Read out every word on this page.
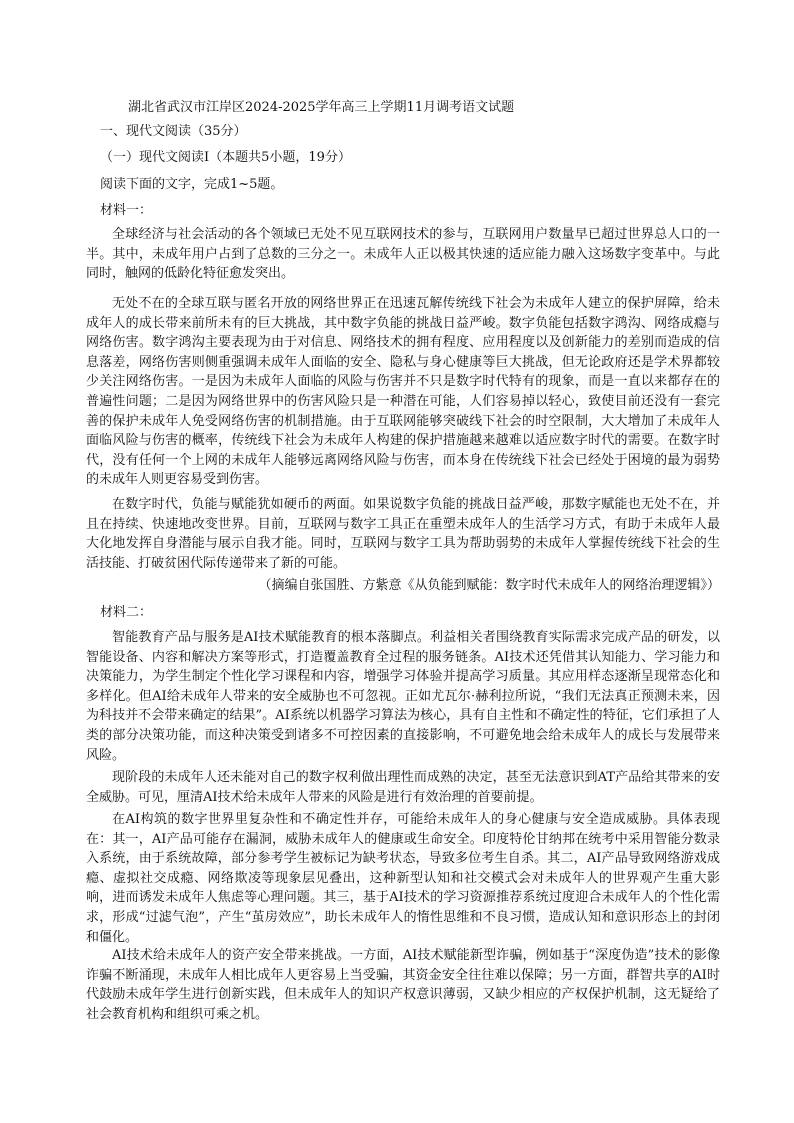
湖北省武汉市江岸区2024-2025学年高三上学期11月调考语文试题
一、现代文阅读（35分）
（一）现代文阅读Ⅰ（本题共5小题，19分）
阅读下面的文字，完成1~5题。
材料一：
全球经济与社会活动的各个领域已无处不见互联网技术的参与，互联网用户数量早已超过世界总人口的一半。其中，未成年用户占到了总数的三分之一。未成年人正以极其快速的适应能力融入这场数字变革中。与此同时，触网的低龄化特征愈发突出。
无处不在的全球互联与匿名开放的网络世界正在迅速瓦解传统线下社会为未成年人建立的保护屏障，给未成年人的成长带来前所未有的巨大挑战，其中数字负能的挑战日益严峻。数字负能包括数字鸿沟、网络成瘾与网络伤害。数字鸿沟主要表现为由于对信息、网络技术的拥有程度、应用程度以及创新能力的差别而造成的信息落差，网络伤害则侧重强调未成年人面临的安全、隐私与身心健康等巨大挑战，但无论政府还是学术界都较少关注网络伤害。一是因为未成年人面临的风险与伤害并不只是数字时代特有的现象，而是一直以来都存在的普遍性问题；二是因为网络世界中的伤害风险只是一种潜在可能，人们容易掉以轻心，致使目前还没有一套完善的保护未成年人免受网络伤害的机制措施。由于互联网能够突破线下社会的时空限制，大大增加了未成年人面临风险与伤害的概率，传统线下社会为未成年人构建的保护措施越来越难以适应数字时代的需要。在数字时代，没有任何一个上网的未成年人能够远离网络风险与伤害，而本身在传统线下社会已经处于困境的最为弱势的未成年人则更容易受到伤害。
在数字时代，负能与赋能犹如硬币的两面。如果说数字负能的挑战日益严峻，那数字赋能也无处不在，并且在持续、快速地改变世界。目前，互联网与数字工具正在重塑未成年人的生活学习方式，有助于未成年人最大化地发挥自身潜能与展示自我才能。同时，互联网与数字工具为帮助弱势的未成年人掌握传统线下社会的生活技能、打破贫困代际传递带来了新的可能。
（摘编自张国胜、方紫意《从负能到赋能：数字时代未成年人的网络治理逻辑》）
材料二：
智能教育产品与服务是AI技术赋能教育的根本落脚点。利益相关者围绕教育实际需求完成产品的研发，以智能设备、内容和解决方案等形式，打造覆盖教育全过程的服务链条。AI技术还凭借其认知能力、学习能力和决策能力，为学生制定个性化学习课程和内容，增强学习体验并提高学习质量。其应用样态逐渐呈现常态化和多样化。但AI给未成年人带来的安全威胁也不可忽视。正如尤瓦尔·赫利拉所说，“我们无法真正预测未来，因为科技并不会带来确定的结果”。AI系统以机器学习算法为核心，具有自主性和不确定性的特征，它们承担了人类的部分决策功能，而这种决策受到诸多不可控因素的直接影响，不可避免地会给未成年人的成长与发展带来风险。
现阶段的未成年人还未能对自己的数字权利做出理性而成熟的决定，甚至无法意识到AT产品给其带来的安全威胁。可见，厘清AI技术给未成年人带来的风险是进行有效治理的首要前提。
在AI构筑的数字世界里复杂性和不确定性并存，可能给未成年人的身心健康与安全造成威胁。具体表现在：其一，AI产品可能存在漏洞，威胁未成年人的健康或生命安全。印度特伦甘纳邦在统考中采用智能分数录入系统，由于系统故障，部分参考学生被标记为缺考状态，导致多位考生自杀。其二，AI产品导致网络游戏成瘾、虚拟社交成瘾、网络欺凌等现象层见叠出，这种新型认知和社交模式会对未成年人的世界观产生重大影响，进而诱发未成年人焦虑等心理问题。其三，基于AI技术的学习资源推荐系统过度迎合未成年人的个性化需求，形成“过滤气泡”，产生“茧房效应”，助长未成年人的惰性思维和不良习惯，造成认知和意识形态上的封闭和僵化。
AI技术给未成年人的资产安全带来挑战。一方面，AI技术赋能新型诈骗，例如基于“深度伪造”技术的影像诈骗不断涌现，未成年人相比成年人更容易上当受骗，其资金安全往往难以保障；另一方面，群智共享的AI时代鼓励未成年学生进行创新实践，但未成年人的知识产权意识薄弱，又缺少相应的产权保护机制，这无疑给了社会教育机构和组织可乘之机。
